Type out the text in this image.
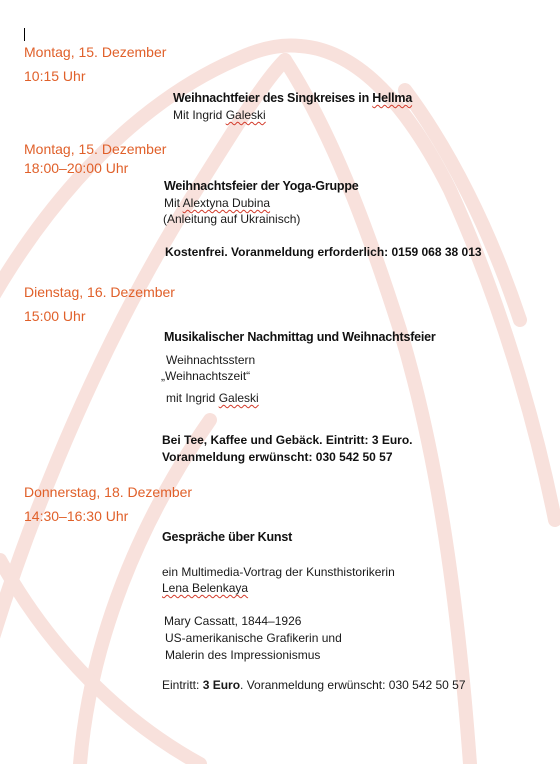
Montag, 15. Dezember
10:15 Uhr
Weihnachtfeier des Singkreises in Hellma
Mit Ingrid Galeski
Montag, 15. Dezember
18:00–20:00 Uhr
Weihnachtsfeier der Yoga-Gruppe
Mit Alextyna Dubina
(Anleitung auf Ukrainisch)
Kostenfrei. Voranmeldung erforderlich: 0159 068 38 013
Dienstag, 16. Dezember
15:00 Uhr
Musikalischer Nachmittag und Weihnachtsfeier
Weihnachtsstern
„Weihnachtszeit“
mit Ingrid Galeski
Bei Tee, Kaffee und Gebäck. Eintritt: 3 Euro.
Voranmeldung erwünscht: 030 542 50 57
Donnerstag, 18. Dezember
14:30–16:30 Uhr
Gespräche über Kunst
ein Multimedia-Vortrag der Kunsthistorikerin
Lena Belenkaya
Mary Cassatt, 1844–1926
US-amerikanische Grafikerin und
Malerin des Impressionismus
Eintritt: 3 Euro. Voranmeldung erwünscht: 030 542 50 57
